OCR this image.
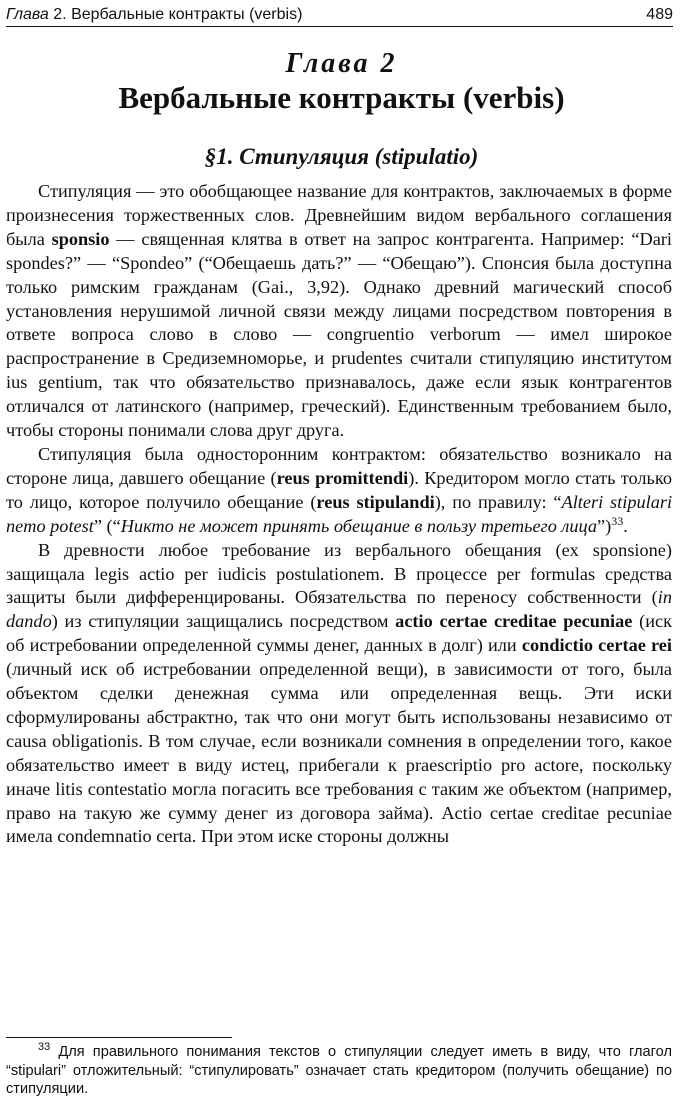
Глава 2. Вербальные контракты (verbis)	489
Глава 2
Вербальные контракты (verbis)
§1. Стипуляция (stipulatio)

Стипуляция — это обобщающее название для контрактов, заключаемых в форме произнесения торжественных слов. Древнейшим видом вербального соглашения была sponsio — священная клятва в ответ на запрос контрагента. Например: “Dari spondes?” — “Spondeo” (“Обещаешь дать?” — “Обещаю”). Спонсия была доступна только римским гражданам (Gai., 3,92). Однако древний магический способ установления нерушимой личной связи между лицами посредством повторения в ответе вопроса слово в слово — congruentio verborum — имел широкое распространение в Средиземноморье, и prudentes считали стипуляцию институтом ius gentium, так что обязательство признавалось, даже если язык контрагентов отличался от латинского (например, греческий). Единственным требованием было, чтобы стороны понимали слова друг друга.

Стипуляция была односторонним контрактом: обязательство возникало на стороне лица, давшего обещание (reus promittendi). Кредитором могло стать только то лицо, которое получило обещание (reus stipulandi), по правилу: “Alteri stipulari nemo potest” (“Никто не может принять обещание в пользу третьего лица”)$^{33}$.

В древности любое требование из вербального обещания (ex sponsione) защищала legis actio per iudicis postulationem. В процессе per formulas средства защиты были дифференцированы. Обязательства по переносу собственности (in dando) из стипуляции защищались посредством actio certae creditae pecuniae (иск об истребовании определенной суммы денег, данных в долг) или condictio certae rei (личный иск об истребовании определенной вещи), в зависимости от того, была объектом сделки денежная сумма или определенная вещь. Эти иски сформулированы абстрактно, так что они могут быть использованы независимо от causa obligationis. В том случае, если возникали сомнения в определении того, какое обязательство имеет в виду истец, прибегали к praescriptio pro actore, поскольку иначе litis contestatio могла погасить все требования с таким же объектом (например, право на такую же сумму денег из договора займа). Actio certae creditae pecuniae имела condemnatio certa. При этом иске стороны должны

$^{33}$ Для правильного понимания текстов о стипуляции следует иметь в виду, что глагол “stipulari” отложительный: “стипулировать” означает стать кредитором (получить обещание) по стипуляции.
